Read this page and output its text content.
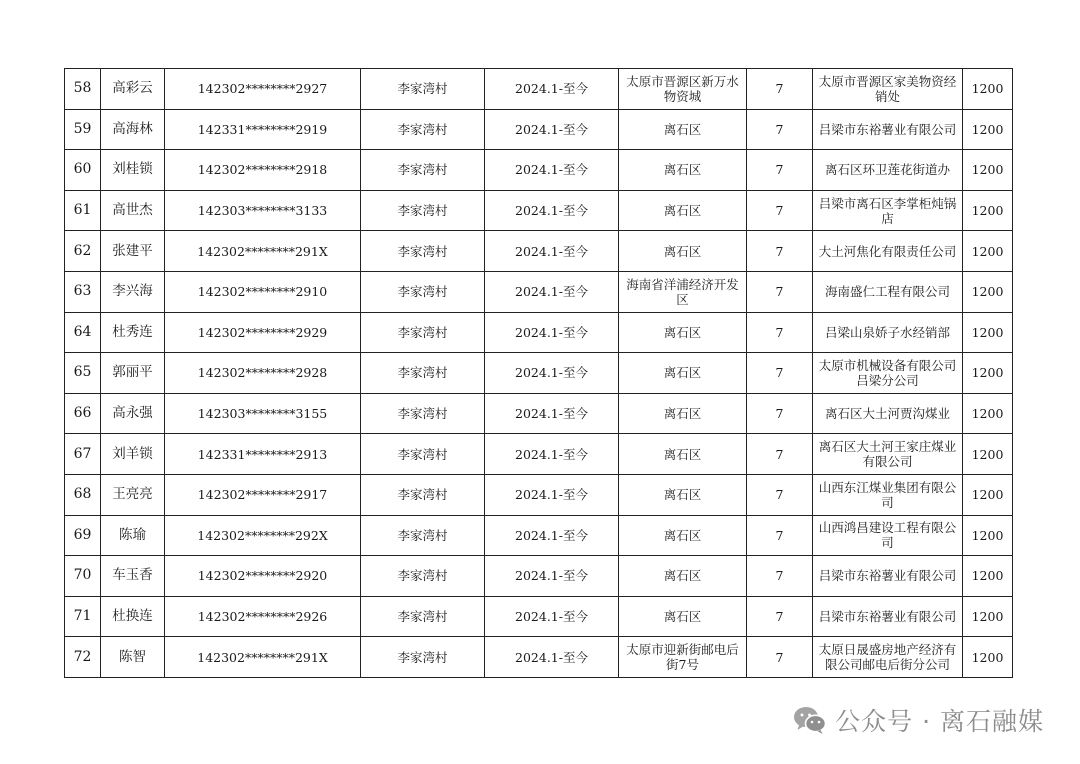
58	高彩云	142302********2927	李家湾村	2024.1-至今	太原市晋源区新万水物资城	7	太原市晋源区家美物资经销处	1200
59	高海林	142331********2919	李家湾村	2024.1-至今	离石区	7	吕梁市东裕薯业有限公司	1200
60	刘桂锁	142302********2918	李家湾村	2024.1-至今	离石区	7	离石区环卫莲花街道办	1200
61	高世杰	142303********3133	李家湾村	2024.1-至今	离石区	7	吕梁市离石区李掌柜炖锅店	1200
62	张建平	142302********291X	李家湾村	2024.1-至今	离石区	7	大土河焦化有限责任公司	1200
63	李兴海	142302********2910	李家湾村	2024.1-至今	海南省洋浦经济开发区	7	海南盛仁工程有限公司	1200
64	杜秀连	142302********2929	李家湾村	2024.1-至今	离石区	7	吕梁山泉娇子水经销部	1200
65	郭丽平	142302********2928	李家湾村	2024.1-至今	离石区	7	太原市机械设备有限公司吕梁分公司	1200
66	高永强	142303********3155	李家湾村	2024.1-至今	离石区	7	离石区大土河贾沟煤业	1200
67	刘羊锁	142331********2913	李家湾村	2024.1-至今	离石区	7	离石区大土河王家庄煤业有限公司	1200
68	王亮亮	142302********2917	李家湾村	2024.1-至今	离石区	7	山西东江煤业集团有限公司	1200
69	陈瑜	142302********292X	李家湾村	2024.1-至今	离石区	7	山西鸿昌建设工程有限公司	1200
70	车玉香	142302********2920	李家湾村	2024.1-至今	离石区	7	吕梁市东裕薯业有限公司	1200
71	杜换连	142302********2926	李家湾村	2024.1-至今	离石区	7	吕梁市东裕薯业有限公司	1200
72	陈智	142302********291X	李家湾村	2024.1-至今	太原市迎新街邮电后街7号	7	太原日晟盛房地产经济有限公司邮电后街分公司	1200
公众号 · 离石融媒
